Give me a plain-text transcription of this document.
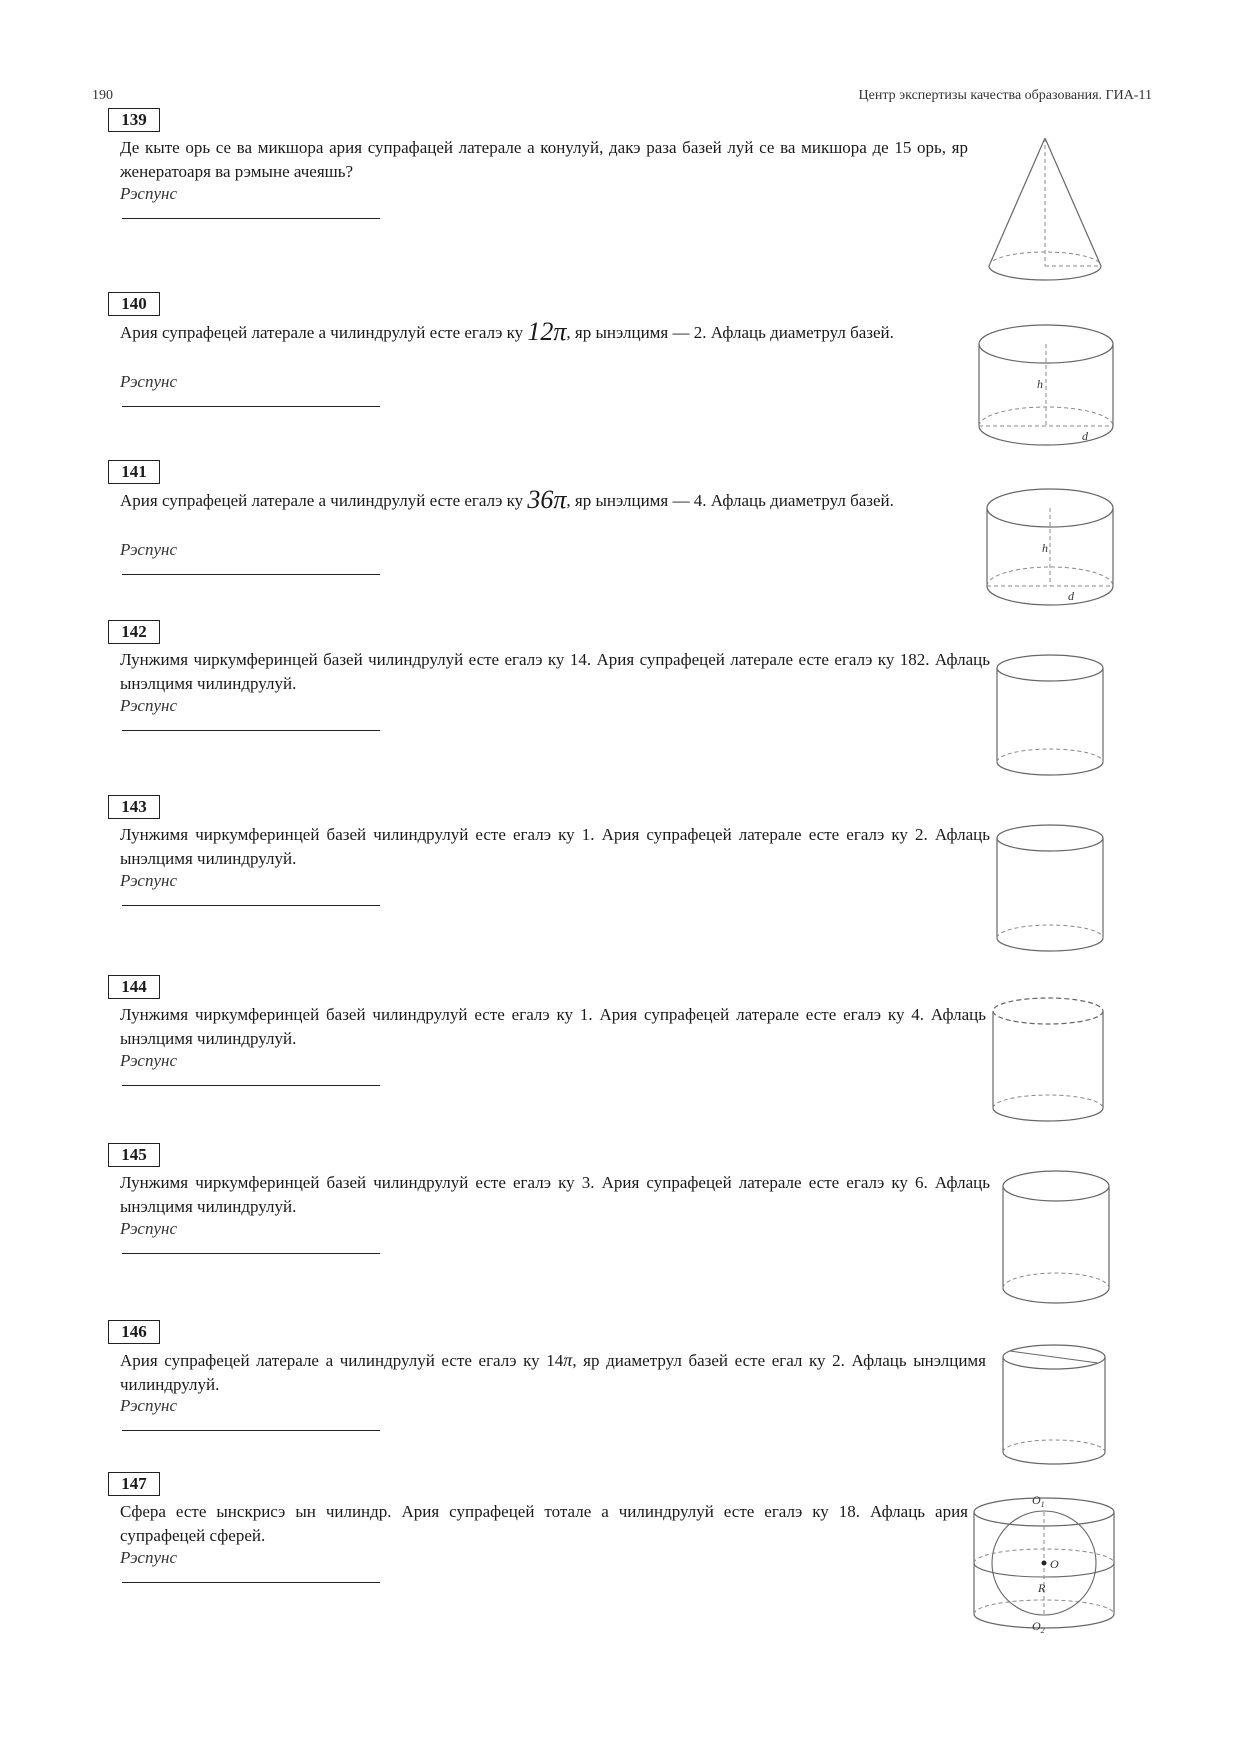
190	Центр экспертизы качества образования. ГИА-11
139
Де кыте орь се ва микшора ария супрафацей латерале а конулуй, дакэ раза базей луй се ва микшора де 15 орь, яр женератоаря ва рэмыне ачеяшь?
Рэспунс
140
Ария супрафецей латерале а чилиндрулуй есте егалэ ку 12π, яр ынэлцимя — 2. Афлаць диаметрул базей.
Рэспунс
141
Ария супрафецей латерале а чилиндрулуй есте егалэ ку 36π, яр ынэлцимя — 4. Афлаць диаметрул базей.
Рэспунс
142
Лунжимя чиркумферинцей базей чилиндрулуй есте егалэ ку 14. Ария супрафецей латерале есте егалэ ку 182. Афлаць ынэлцимя чилиндрулуй.
Рэспунс
143
Лунжимя чиркумферинцей базей чилиндрулуй есте егалэ ку 1. Ария супрафецей латерале есте егалэ ку 2. Афлаць ынэлцимя чилиндрулуй.
Рэспунс
144
Лунжимя чиркумферинцей базей чилиндрулуй есте егалэ ку 1. Ария супрафецей латерале есте егалэ ку 4. Афлаць ынэлцимя чилиндрулуй.
Рэспунс
145
Лунжимя чиркумферинцей базей чилиндрулуй есте егалэ ку 3. Ария супрафецей латерале есте егалэ ку 6. Афлаць ынэлцимя чилиндрулуй.
Рэспунс
146
Ария супрафецей латерале а чилиндрулуй есте егалэ ку 14π, яр диаметрул базей есте егал ку 2. Афлаць ынэлцимя чилиндрулуй.
Рэспунс
147
Сфера есте ынскрисэ ын чилиндр. Ария супрафецей тотале а чилиндрулуй есте егалэ ку 18. Афлаць ария супрафецей сферей.
Рэспунс
h
d
h
d
$O_1$
O
R
$O_2$
